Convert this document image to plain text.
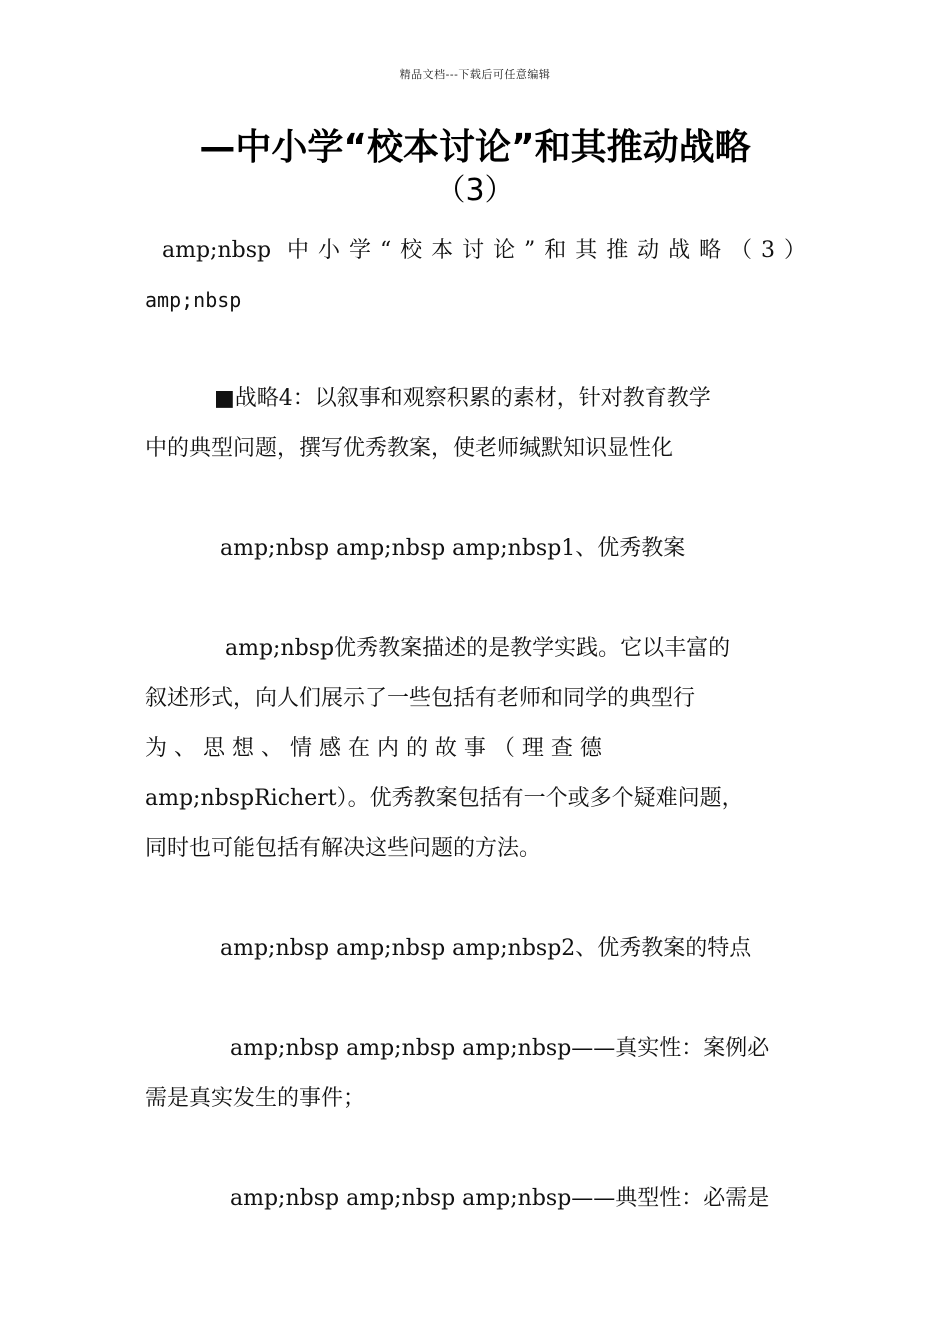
精品文档---下载后可任意编辑
—中小学“校本讨论”和其推动战略
（3）
amp;nbsp 中小学“校本讨论”和其推动战略（3）
amp;nbsp
■战略4：以叙事和观察积累的素材，针对教育教学
中的典型问题，撰写优秀教案，使老师缄默知识显性化
amp;nbsp amp;nbsp amp;nbsp1、优秀教案
amp;nbsp优秀教案描述的是教学实践。它以丰富的
叙述形式，向人们展示了一些包括有老师和同学的典型行
为 、 思 想 、 情 感 在 内 的 故 事 （ 理 查 德
amp;nbspRichert）。优秀教案包括有一个或多个疑难问题，
同时也可能包括有解决这些问题的方法。
amp;nbsp amp;nbsp amp;nbsp2、优秀教案的特点
amp;nbsp amp;nbsp amp;nbsp——真实性：案例必
需是真实发生的事件；
amp;nbsp amp;nbsp amp;nbsp——典型性：必需是
